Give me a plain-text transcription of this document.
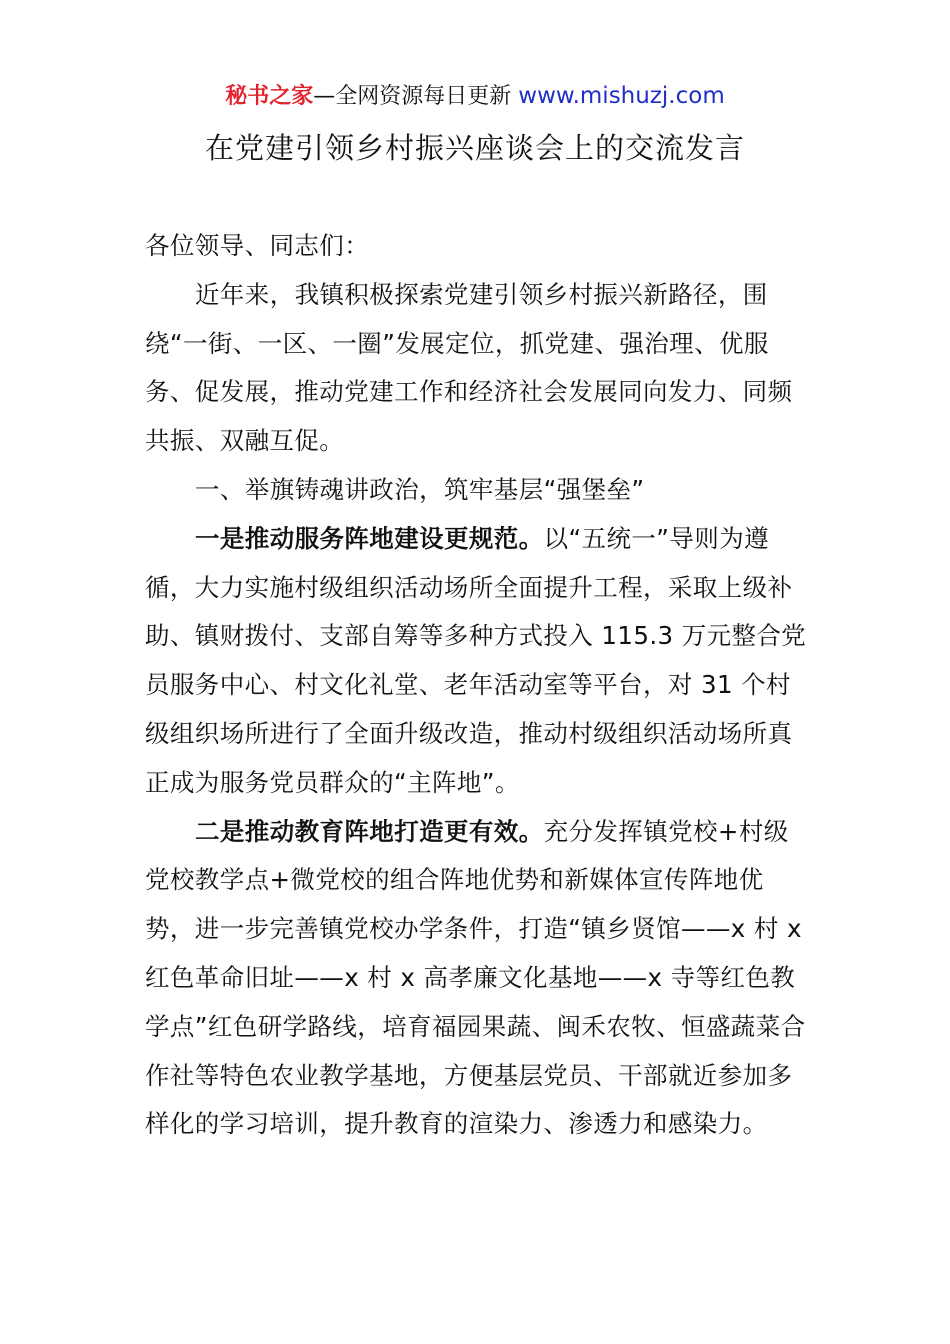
秘书之家—全网资源每日更新 www.mishuzj.com
在党建引领乡村振兴座谈会上的交流发言

各位领导、同志们：

近年来，我镇积极探索党建引领乡村振兴新路径，围绕“一街、一区、一圈”发展定位，抓党建、强治理、优服务、促发展，推动党建工作和经济社会发展同向发力、同频共振、双融互促。

一、举旗铸魂讲政治，筑牢基层“强堡垒”

一是推动服务阵地建设更规范。以“五统一”导则为遵循，大力实施村级组织活动场所全面提升工程，采取上级补助、镇财拨付、支部自筹等多种方式投入 115.3 万元整合党员服务中心、村文化礼堂、老年活动室等平台，对 31 个村级组织场所进行了全面升级改造，推动村级组织活动场所真正成为服务党员群众的“主阵地”。

二是推动教育阵地打造更有效。充分发挥镇党校+村级党校教学点+微党校的组合阵地优势和新媒体宣传阵地优势，进一步完善镇党校办学条件，打造“镇乡贤馆——x 村 x 红色革命旧址——x 村 x 高孝廉文化基地——x 寺等红色教学点”红色研学路线，培育福园果蔬、闽禾农牧、恒盛蔬菜合作社等特色农业教学基地，方便基层党员、干部就近参加多样化的学习培训，提升教育的渲染力、渗透力和感染力。
